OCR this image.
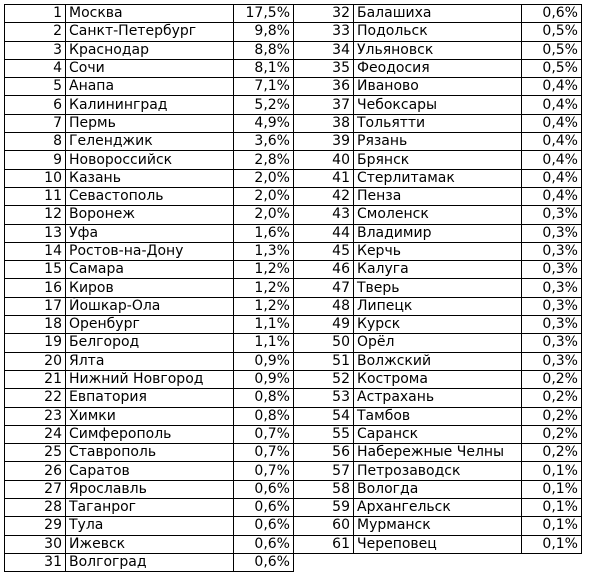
1	Москва	17,5%	32	Балашиха	0,6%
2	Санкт-Петербург	9,8%	33	Подольск	0,5%
3	Краснодар	8,8%	34	Ульяновск	0,5%
4	Сочи	8,1%	35	Феодосия	0,5%
5	Анапа	7,1%	36	Иваново	0,4%
6	Калининград	5,2%	37	Чебоксары	0,4%
7	Пермь	4,9%	38	Тольятти	0,4%
8	Геленджик	3,6%	39	Рязань	0,4%
9	Новороссийск	2,8%	40	Брянск	0,4%
10	Казань	2,0%	41	Стерлитамак	0,4%
11	Севастополь	2,0%	42	Пенза	0,4%
12	Воронеж	2,0%	43	Смоленск	0,3%
13	Уфа	1,6%	44	Владимир	0,3%
14	Ростов-на-Дону	1,3%	45	Керчь	0,3%
15	Самара	1,2%	46	Калуга	0,3%
16	Киров	1,2%	47	Тверь	0,3%
17	Йошкар-Ола	1,2%	48	Липецк	0,3%
18	Оренбург	1,1%	49	Курск	0,3%
19	Белгород	1,1%	50	Орёл	0,3%
20	Ялта	0,9%	51	Волжский	0,3%
21	Нижний Новгород	0,9%	52	Кострома	0,2%
22	Евпатория	0,8%	53	Астрахань	0,2%
23	Химки	0,8%	54	Тамбов	0,2%
24	Симферополь	0,7%	55	Саранск	0,2%
25	Ставрополь	0,7%	56	Набережные Челны	0,2%
26	Саратов	0,7%	57	Петрозаводск	0,1%
27	Ярославль	0,6%	58	Вологда	0,1%
28	Таганрог	0,6%	59	Архангельск	0,1%
29	Тула	0,6%	60	Мурманск	0,1%
30	Ижевск	0,6%	61	Череповец	0,1%
31	Волгоград	0,6%			
